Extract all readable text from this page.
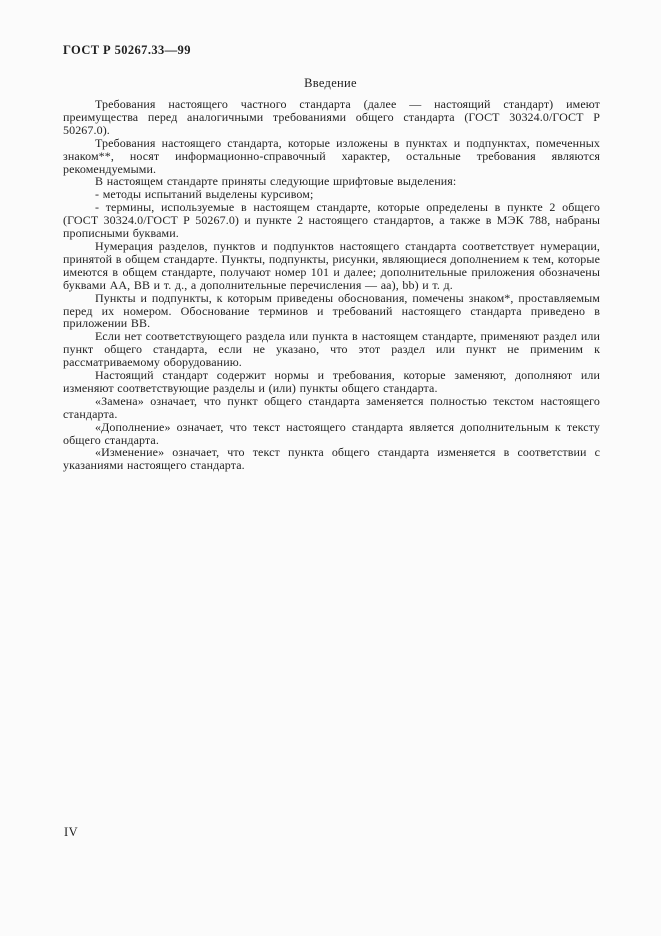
ГОСТ Р 50267.33—99
Введение

Требования настоящего частного стандарта (далее — настоящий стандарт) имеют преимущества перед аналогичными требованиями общего стандарта (ГОСТ 30324.0/ГОСТ Р 50267.0).

Требования настоящего стандарта, которые изложены в пунктах и подпунктах, помеченных знаком**, носят информационно-справочный характер, остальные требования являются рекомендуемыми.

В настоящем стандарте приняты следующие шрифтовые выделения:

- методы испытаний выделены курсивом;

- термины, используемые в настоящем стандарте, которые определены в пункте 2 общего (ГОСТ 30324.0/ГОСТ Р 50267.0) и пункте 2 настоящего стандартов, а также в МЭК 788, набраны прописными буквами.

Нумерация разделов, пунктов и подпунктов настоящего стандарта соответствует нумерации, принятой в общем стандарте. Пункты, подпункты, рисунки, являющиеся дополнением к тем, которые имеются в общем стандарте, получают номер 101 и далее; дополнительные приложения обозначены буквами АА, ВВ и т. д., а дополнительные перечисления — аа), bb) и т. д.

Пункты и подпункты, к которым приведены обоснования, помечены знаком*, проставляемым перед их номером. Обоснование терминов и требований настоящего стандарта приведено в приложении ВВ.

Если нет соответствующего раздела или пункта в настоящем стандарте, применяют раздел или пункт общего стандарта, если не указано, что этот раздел или пункт не применим к рассматриваемому оборудованию.

Настоящий стандарт содержит нормы и требования, которые заменяют, дополняют или изменяют соответствующие разделы и (или) пункты общего стандарта.

«Замена» означает, что пункт общего стандарта заменяется полностью текстом настоящего стандарта.

«Дополнение» означает, что текст настоящего стандарта является дополнительным к тексту общего стандарта.

«Изменение» означает, что текст пункта общего стандарта изменяется в соответствии с указаниями настоящего стандарта.

IV
